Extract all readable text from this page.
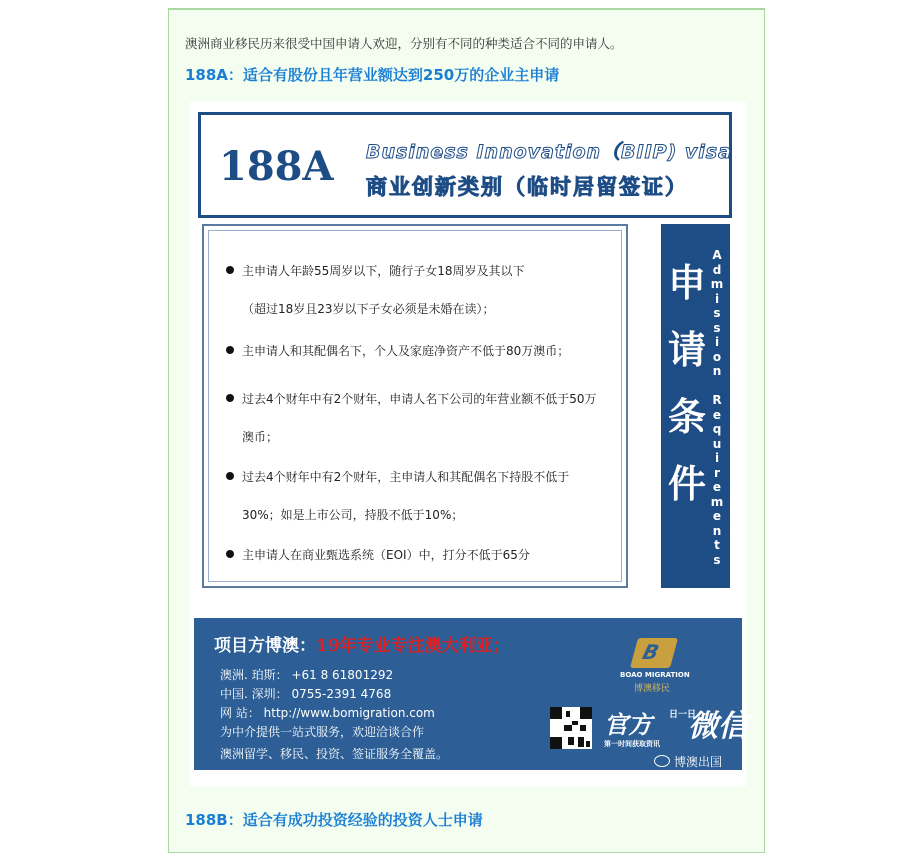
澳洲商业移民历来很受中国申请人欢迎，分别有不同的种类适合不同的申请人。
188A：适合有股份且年营业额达到250万的企业主申请
188A Business Innovation（BIIP) visa
商业创新类别（临时居留签证）
主申请人年龄55周岁以下，随行子女18周岁及其以下
（超过18岁且23岁以下子女必须是未婚在读）；
主申请人和其配偶名下，个人及家庭净资产不低于80万澳币；
过去4个财年中有2个财年，申请人名下公司的年营业额不低于50万
澳币；
过去4个财年中有2个财年，主申请人和其配偶名下持股不低于
30%；如是上市公司，持股不低于10%；
主申请人在商业甄选系统（EOI）中，打分不低于65分
申
请
条
件
A
d
m
i
s
s
i
o
n

R
e
q
u
i
r
e
m
e
n
t
s
项目方博澳：19年专业专注澳大利亚；
澳洲. 珀斯： +61 8 61801292
中国. 深圳： 0755-2391 4768
网 站： http://www.bomigration.com
为中介提供一站式服务，欢迎洽谈合作
澳洲留学、移民、投资、签证服务全覆盖。
B
BOAO MIGRATION
博澳移民
官方 日一日
微信
第一时间获取资讯
博澳出国
188B：适合有成功投资经验的投资人士申请
